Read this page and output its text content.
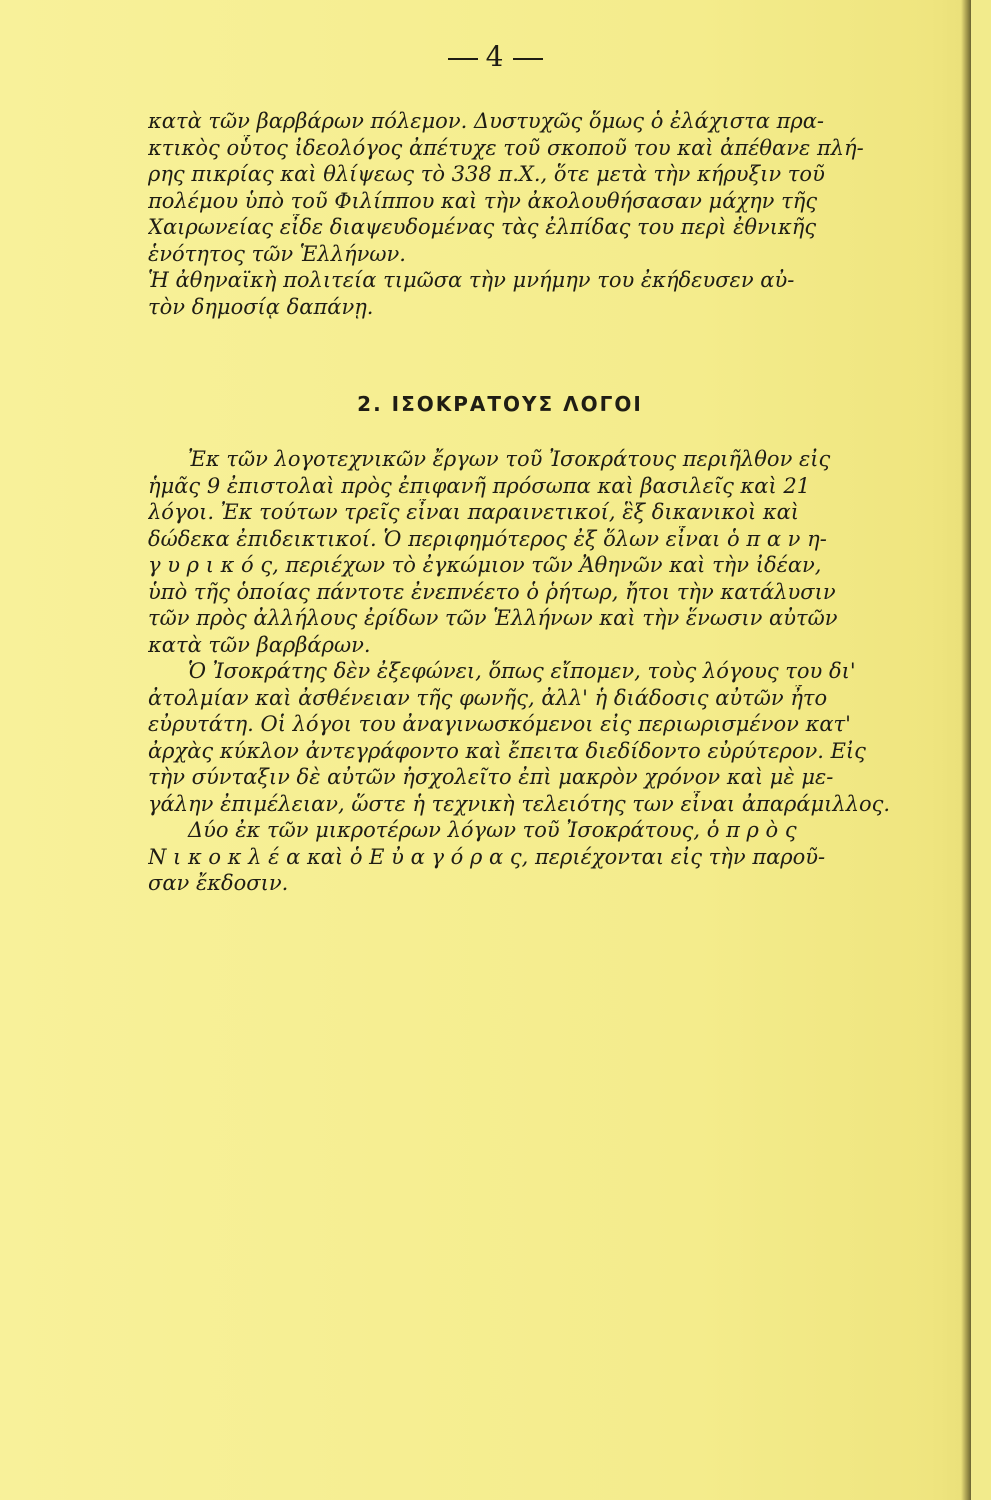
4
κατὰ τῶν βαρβάρων πόλεμον. Δυστυχῶς ὅμως ὁ ἐλάχιστα πρα-
κτικὸς οὗτος ἰδεολόγος ἀπέτυχε τοῦ σκοποῦ του καὶ ἀπέθανε πλή-
ρης πικρίας καὶ θλίψεως τὸ 338 π.Χ., ὅτε μετὰ τὴν κήρυξιν τοῦ
πολέμου ὑπὸ τοῦ Φιλίππου καὶ τὴν ἀκολουθήσασαν μάχην τῆς
Χαιρωνείας εἶδε διαψευδομένας τὰς ἐλπίδας του περὶ ἐθνικῆς
ἑνότητος τῶν Ἑλλήνων.
Ἡ ἀθηναϊκὴ πολιτεία τιμῶσα τὴν μνήμην του ἐκήδευσεν αὐ-
τὸν δημοσίᾳ δαπάνῃ.
2. ΙΣΟΚΡΑΤΟΥΣ ΛΟΓΟΙ
Ἐκ τῶν λογοτεχνικῶν ἔργων τοῦ Ἰσοκράτους περιῆλθον εἰς
ἡμᾶς 9 ἐπιστολαὶ πρὸς ἐπιφανῆ πρόσωπα καὶ βασιλεῖς καὶ 21
λόγοι. Ἐκ τούτων τρεῖς εἶναι παραινετικοί, ἓξ δικανικοὶ καὶ
δώδεκα ἐπιδεικτικοί. Ὁ περιφημότερος ἐξ ὅλων εἶναι ὁ π α ν η-
γ υ ρ ι κ ό ς, περιέχων τὸ ἐγκώμιον τῶν Ἀθηνῶν καὶ τὴν ἰδέαν,
ὑπὸ τῆς ὁποίας πάντοτε ἐνεπνέετο ὁ ῥήτωρ, ἤτοι τὴν κατάλυσιν
τῶν πρὸς ἀλλήλους ἐρίδων τῶν Ἑλλήνων καὶ τὴν ἕνωσιν αὐτῶν
κατὰ τῶν βαρβάρων.
Ὁ Ἰσοκράτης δὲν ἐξεφώνει, ὅπως εἴπομεν, τοὺς λόγους του δι'
ἀτολμίαν καὶ ἀσθένειαν τῆς φωνῆς, ἀλλ' ἡ διάδοσις αὐτῶν ἦτο
εὐρυτάτη. Οἱ λόγοι του ἀναγινωσκόμενοι εἰς περιωρισμένον κατ'
ἀρχὰς κύκλον ἀντεγράφοντο καὶ ἔπειτα διεδίδοντο εὐρύτερον. Εἰς
τὴν σύνταξιν δὲ αὐτῶν ἠσχολεῖτο ἐπὶ μακρὸν χρόνον καὶ μὲ με-
γάλην ἐπιμέλειαν, ὥστε ἡ τεχνικὴ τελειότης των εἶναι ἀπαράμιλλος.
Δύο ἐκ τῶν μικροτέρων λόγων τοῦ Ἰσοκράτους, ὁ π ρ ὸ ς
Ν ι κ ο κ λ έ α καὶ ὁ Ε ὐ α γ ό ρ α ς, περιέχονται εἰς τὴν παροῦ-
σαν ἔκδοσιν.
